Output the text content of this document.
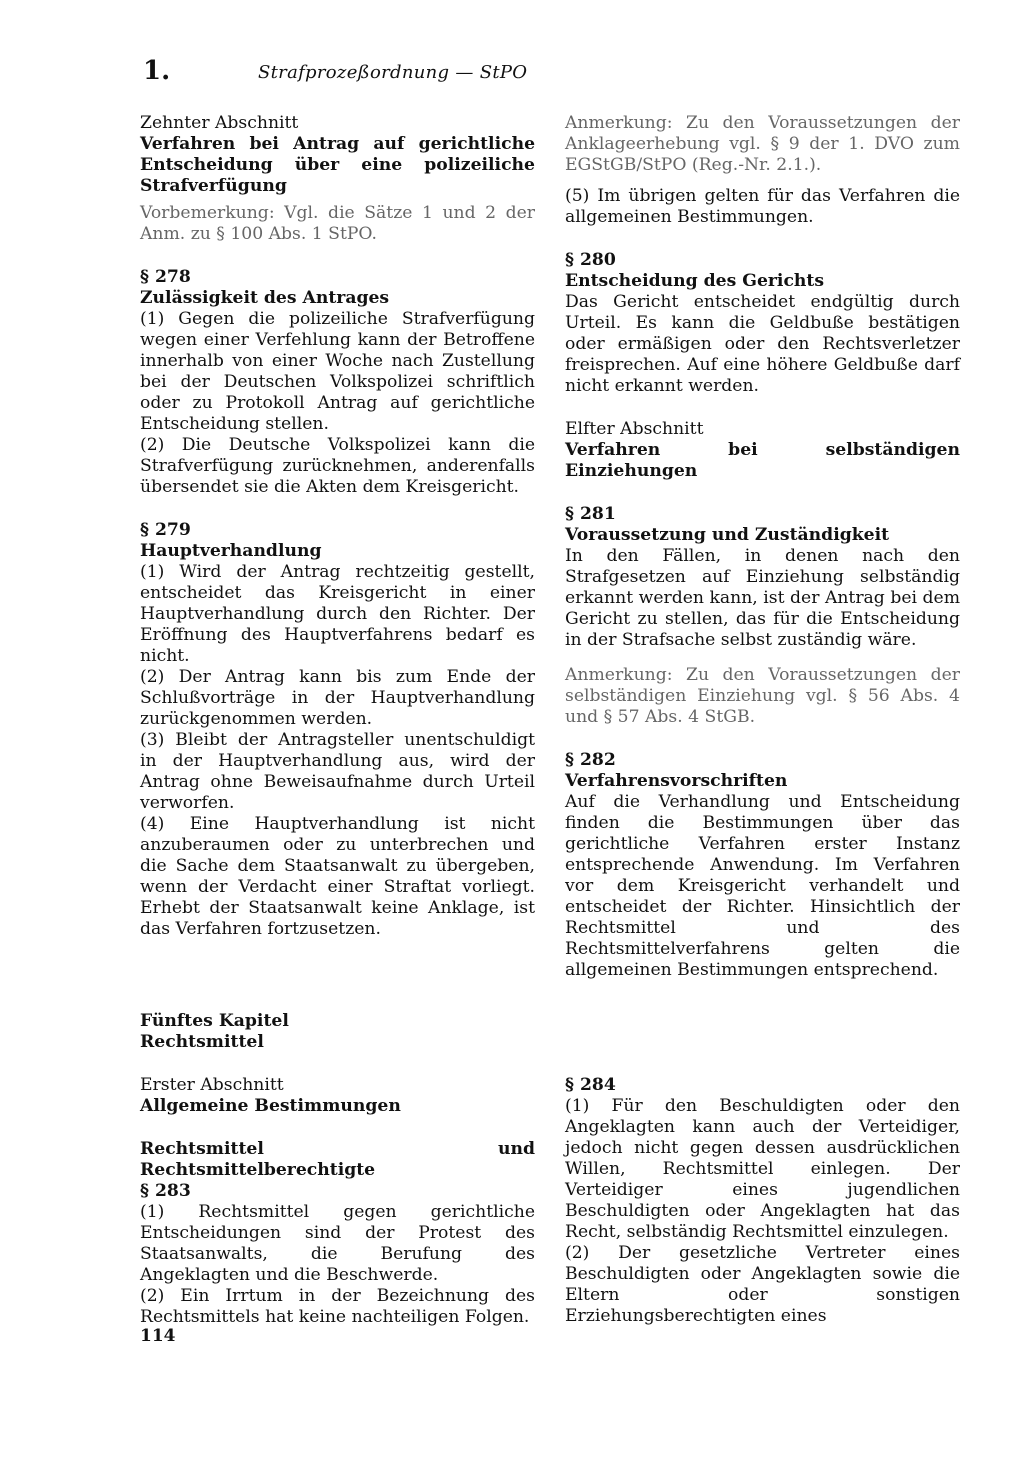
1.	Strafprozeßordnung — StPO

Zehnter Abschnitt

Verfahren bei Antrag auf gerichtliche Entscheidung über eine polizeiliche Strafverfügung

Vorbemerkung: Vgl. die Sätze 1 und 2 der Anm. zu § 100 Abs. 1 StPO.

§ 278

Zulässigkeit des Antrages

(1) Gegen die polizeiliche Strafverfügung wegen einer Verfehlung kann der Betroffene innerhalb von einer Woche nach Zustellung bei der Deutschen Volkspolizei schriftlich oder zu Protokoll Antrag auf gerichtliche Entscheidung stellen.

(2) Die Deutsche Volkspolizei kann die Strafverfügung zurücknehmen, anderenfalls übersendet sie die Akten dem Kreisgericht.

§ 279

Hauptverhandlung

(1) Wird der Antrag rechtzeitig gestellt, entscheidet das Kreisgericht in einer Hauptverhandlung durch den Richter. Der Eröffnung des Hauptverfahrens bedarf es nicht.

(2) Der Antrag kann bis zum Ende der Schlußvorträge in der Hauptverhandlung zurückgenommen werden.

(3) Bleibt der Antragsteller unentschuldigt in der Hauptverhandlung aus, wird der Antrag ohne Beweisaufnahme durch Urteil verworfen.

(4) Eine Hauptverhandlung ist nicht anzuberaumen oder zu unterbrechen und die Sache dem Staatsanwalt zu übergeben, wenn der Verdacht einer Straftat vorliegt. Erhebt der Staatsanwalt keine Anklage, ist das Verfahren fortzusetzen.

Anmerkung: Zu den Voraussetzungen der Anklageerhebung vgl. § 9 der 1. DVO zum EGStGB/StPO (Reg.-Nr. 2.1.).

(5) Im übrigen gelten für das Verfahren die allgemeinen Bestimmungen.

§ 280

Entscheidung des Gerichts

Das Gericht entscheidet endgültig durch Urteil. Es kann die Geldbuße bestätigen oder ermäßigen oder den Rechtsverletzer freisprechen. Auf eine höhere Geldbuße darf nicht erkannt werden.

Elfter Abschnitt

Verfahren bei selbständigen Einziehungen

§ 281

Voraussetzung und Zuständigkeit

In den Fällen, in denen nach den Strafgesetzen auf Einziehung selbständig erkannt werden kann, ist der Antrag bei dem Gericht zu stellen, das für die Entscheidung in der Strafsache selbst zuständig wäre.

Anmerkung: Zu den Voraussetzungen der selbständigen Einziehung vgl. § 56 Abs. 4 und § 57 Abs. 4 StGB.

§ 282

Verfahrensvorschriften

Auf die Verhandlung und Entscheidung finden die Bestimmungen über das gerichtliche Verfahren erster Instanz entsprechende Anwendung. Im Verfahren vor dem Kreisgericht verhandelt und entscheidet der Richter. Hinsichtlich der Rechtsmittel und des Rechtsmittelverfahrens gelten die allgemeinen Bestimmungen entsprechend.

Fünftes Kapitel

Rechtsmittel

Erster Abschnitt

Allgemeine Bestimmungen

Rechtsmittel und Rechtsmittelberechtigte

§ 283

(1) Rechtsmittel gegen gerichtliche Entscheidungen sind der Protest des Staatsanwalts, die Berufung des Angeklagten und die Beschwerde.

(2) Ein Irrtum in der Bezeichnung des Rechtsmittels hat keine nachteiligen Folgen.

§ 284

(1) Für den Beschuldigten oder den Angeklagten kann auch der Verteidiger, jedoch nicht gegen dessen ausdrücklichen Willen, Rechtsmittel einlegen. Der Verteidiger eines jugendlichen Beschuldigten oder Angeklagten hat das Recht, selbständig Rechtsmittel einzulegen.

(2) Der gesetzliche Vertreter eines Beschuldigten oder Angeklagten sowie die Eltern oder sonstigen Erziehungsberechtigten eines

114
